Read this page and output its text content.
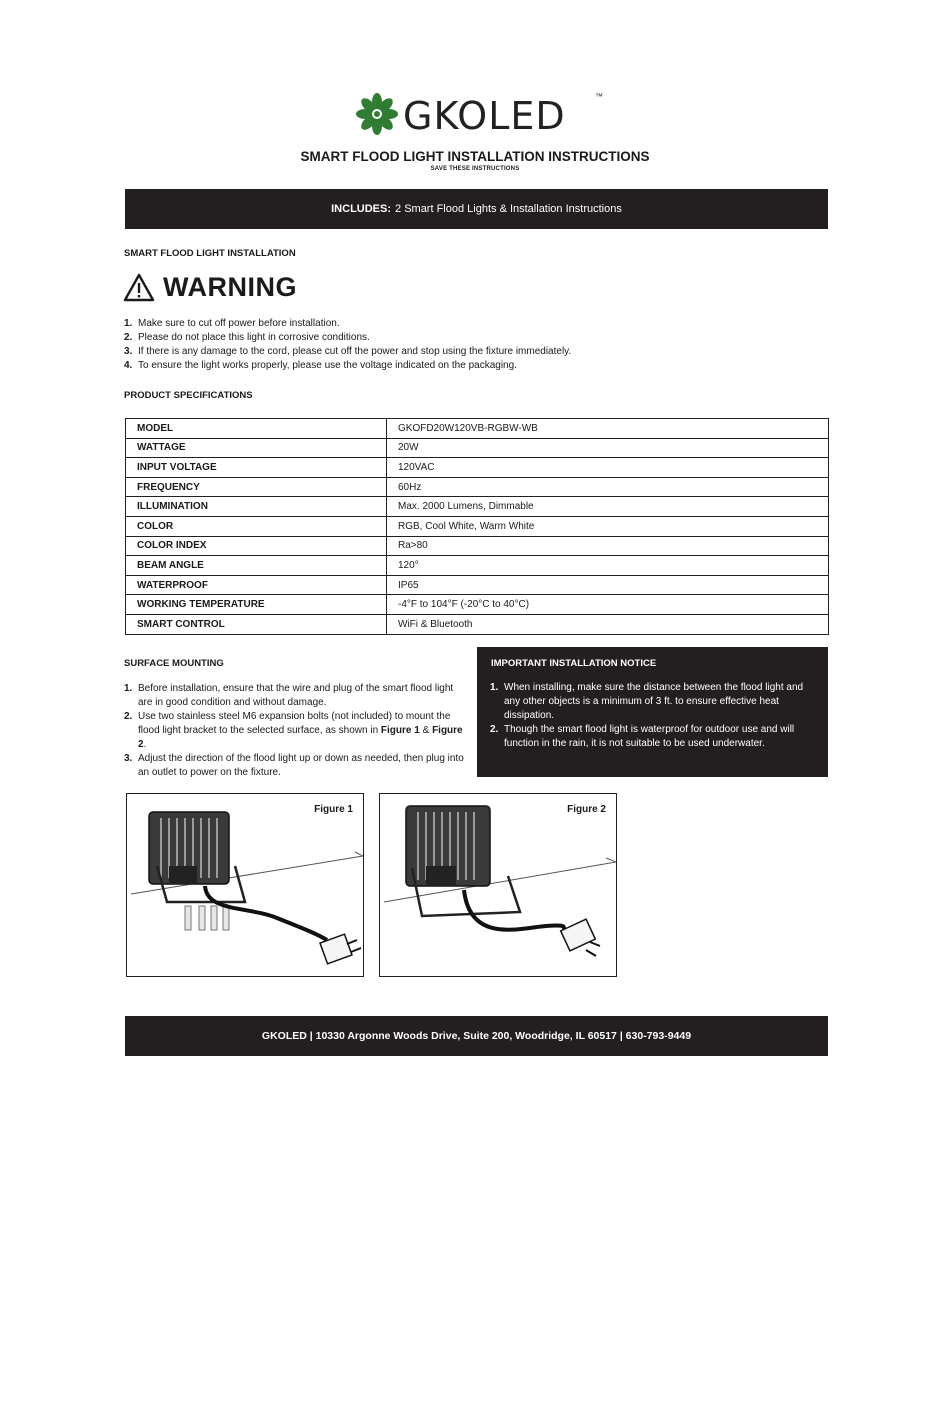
GKOLED	™
SMART FLOOD LIGHT INSTALLATION INSTRUCTIONS
SAVE THESE INSTRUCTIONS
INCLUDES: 2 Smart Flood Lights & Installation Instructions
SMART FLOOD LIGHT INSTALLATION
WARNING
1. Make sure to cut off power before installation.
2. Please do not place this light in corrosive conditions.
3. If there is any damage to the cord, please cut off the power and stop using the fixture immediately.
4. To ensure the light works properly, please use the voltage indicated on the packaging.
PRODUCT SPECIFICATIONS
MODEL	GKOFD20W120VB-RGBW-WB
WATTAGE	20W
INPUT VOLTAGE	120VAC
FREQUENCY	60Hz
ILLUMINATION	Max. 2000 Lumens, Dimmable
COLOR	RGB, Cool White, Warm White
COLOR INDEX	Ra>80
BEAM ANGLE	120°
WATERPROOF	IP65
WORKING TEMPERATURE	-4°F to 104°F (-20°C to 40°C)
SMART CONTROL	WiFi & Bluetooth
SURFACE MOUNTING
1. Before installation, ensure that the wire and plug of the smart flood light are in good condition and without damage.
2. Use two stainless steel M6 expansion bolts (not included) to mount the flood light bracket to the selected surface, as shown in Figure 1 & Figure 2.
3. Adjust the direction of the flood light up or down as needed, then plug into an outlet to power on the fixture.
IMPORTANT INSTALLATION NOTICE
1. When installing, make sure the distance between the flood light and any other objects is a minimum of 3 ft. to ensure effective heat dissipation.
2. Though the smart flood light is waterproof for outdoor use and will function in the rain, it is not suitable to be used underwater.
Figure 1	Figure 2
GKOLED | 10330 Argonne Woods Drive, Suite 200, Woodridge, IL 60517 | 630-793-9449
